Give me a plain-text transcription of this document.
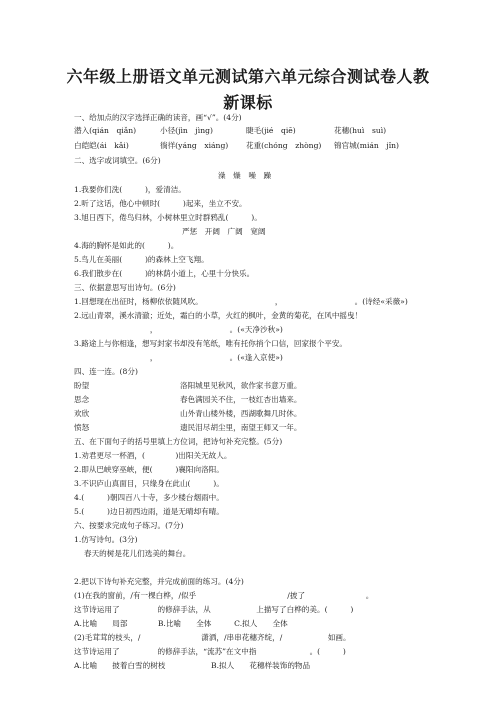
六年级上册语文单元测试第六单元综合测试卷人教
新课标
一、给加点的汉字选择正确的读音，画“√”。(4分)
潜入(qián　qiǎn)	小径(jìn　jìng)	睫毛(jié　qiē)	花穗(huì　suì)
白皑皑(ái　kǎi)	徜徉(yáng　xiáng) 花重(chóng　zhòng) 锦官城(mián　jǐn)
二、选字或词填空。(6分)
澡　燥　噪　躁
1.我要你们洗(　　　)，爱清洁。
2.听了这话，他心中顿时(　　　)起来，坐立不安。
3.旭日西下，倦鸟归林，小树林里立时群鸦乱(　　　)。
严惩　开阔　广阔　宽阔
4.海的胸怀是如此的(　　　)。
5.鸟儿在美丽(　　　)的森林上空飞翔。
6.我们散步在(　　　)的林荫小道上，心里十分快乐。
三、依据意思写出诗句。(6分)
1.回想现在出征时，杨柳依依随风吹。　　　　　　　　　　，　　　　　　　　　　。(诗经«采薇»)
2.远山青翠，溪水清澈；近处，霜白的小草，火红的枫叶，金黄的菊花，在风中摇曳！
　　　　　　　　　　，　　　　　　　　　　。(«天净沙秋»)
3.路途上与你相逢，想写封家书却没有笔纸，唯有托你捎个口信，回家报个平安。
　　　　　　　　　　，　　　　　　　　　　。(«逢入京使»)
四、连一连。(8分)
盼望	洛阳城里见秋风，欲作家书意万重。
思念	春色满园关不住，一枝红杏出墙来。
欢欣	山外青山楼外楼，西湖歌舞几时休。
愤怒	遗民泪尽胡尘里，南望王师又一年。
五、在下面句子的括号里填上方位词，把诗句补充完整。(5分)
1.劝君更尽一杯酒，(　　　　)出阳关无故人。
2.即从巴峡穿巫峡，便(　　　)襄阳向洛阳。
3.不识庐山真面目，只缘身在此山(　　　)。
4.(　　　)朝四百八十寺，多少楼台烟雨中。
5.(　　　)边日初西边雨，道是无晴却有晴。
六、按要求完成句子练习。(7分)
1.仿写诗句。(3分)
春天的树是花儿们选美的舞台。
2.把以下诗句补充完整，并完成前面的练习。(4分)
(1)在我的窗前，/有一棵白桦，/似乎　　　　　　　　　　　　/披了　　　　　　　　。
这节诗运用了　　　　　的修辞手法，从　　　　　　上描写了白桦的美。(　　　)
A.比喻　　局部　　　　B.比喻　　全体　　　C.拟人　　全体
(2)毛茸茸的枝头，/　　　　　　　　潇洒，/串串花穗齐绽，/　　　　　　如画。
这节诗运用了　　　　　的修辞手法，“流苏”在文中指　　　　　　　。(　　　)
A.比喻　　披着白雪的树枝　　　　　　B.拟人　　花穗样装饰的物品
